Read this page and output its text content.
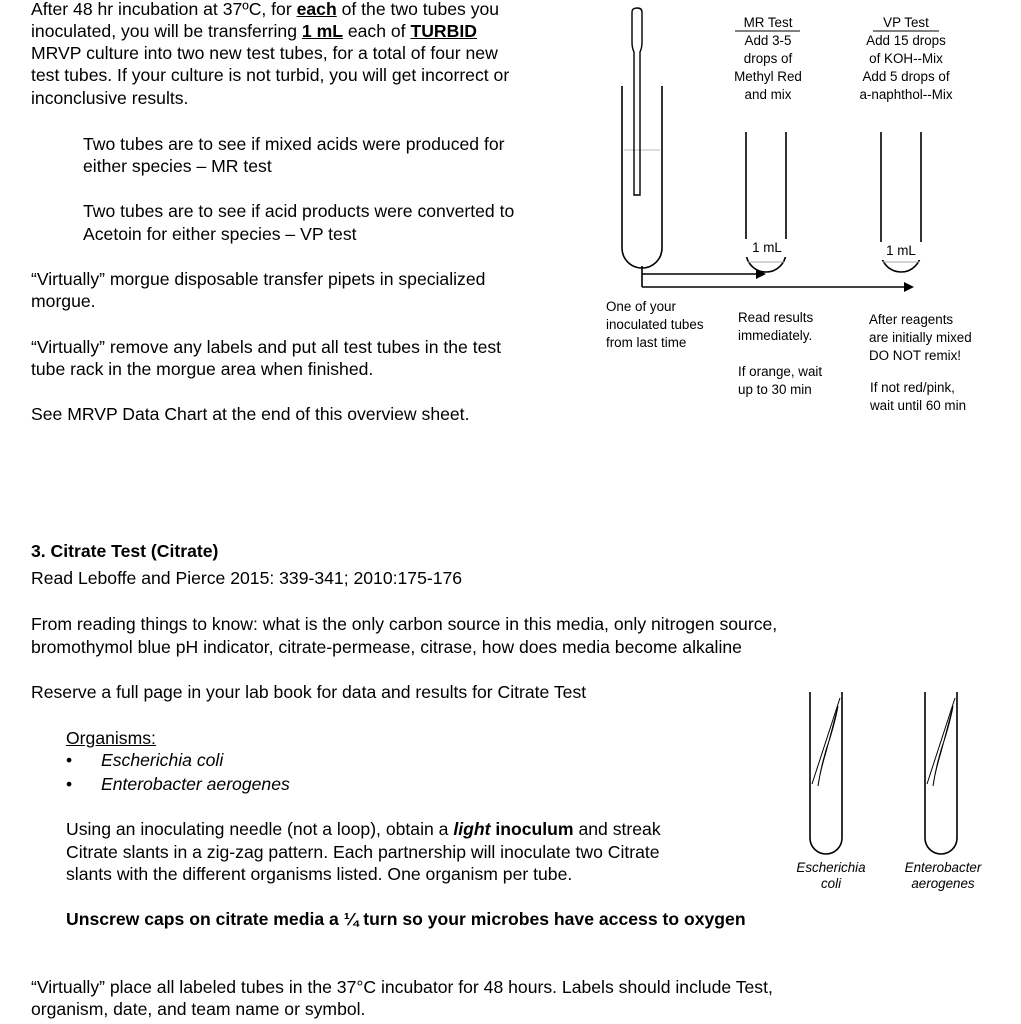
After 48 hr incubation at 37ºC, for each of the two tubes you
inoculated, you will be transferring 1 mL each of TURBID
MRVP culture into two new test tubes, for a total of four new
test tubes. If your culture is not turbid, you will get incorrect or
inconclusive results.
Two tubes are to see if mixed acids were produced for
either species – MR test
Two tubes are to see if acid products were converted to
Acetoin for either species – VP test
“Virtually” morgue disposable transfer pipets in specialized
morgue.
“Virtually” remove any labels and put all test tubes in the test
tube rack in the morgue area when finished.
See MRVP Data Chart at the end of this overview sheet.
MR Test
Add 3-5
drops of
Methyl Red
and mix
VP Test
Add 15 drops
of KOH--Mix
Add 5 drops of
a-naphthol--Mix
1 mL	1 mL
One of your
inoculated tubes
from last time
Read results
immediately.
If orange, wait
up to 30 min
After reagents
are initially mixed
DO NOT remix!
If not red/pink,
wait until 60 min
3. Citrate Test (Citrate)
Read Leboffe and Pierce 2015: 339-341; 2010:175-176
From reading things to know: what is the only carbon source in this media, only nitrogen source,
bromothymol blue pH indicator, citrate-permease, citrase, how does media become alkaline
Reserve a full page in your lab book for data and results for Citrate Test
Organisms:
• Escherichia coli
• Enterobacter aerogenes
Using an inoculating needle (not a loop), obtain a light inoculum and streak
Citrate slants in a zig-zag pattern. Each partnership will inoculate two Citrate
slants with the different organisms listed. One organism per tube.
Unscrew caps on citrate media a ¼ turn so your microbes have access to oxygen
Escherichia
coli
Enterobacter
aerogenes
“Virtually” place all labeled tubes in the 37°C incubator for 48 hours. Labels should include Test,
organism, date, and team name or symbol.
